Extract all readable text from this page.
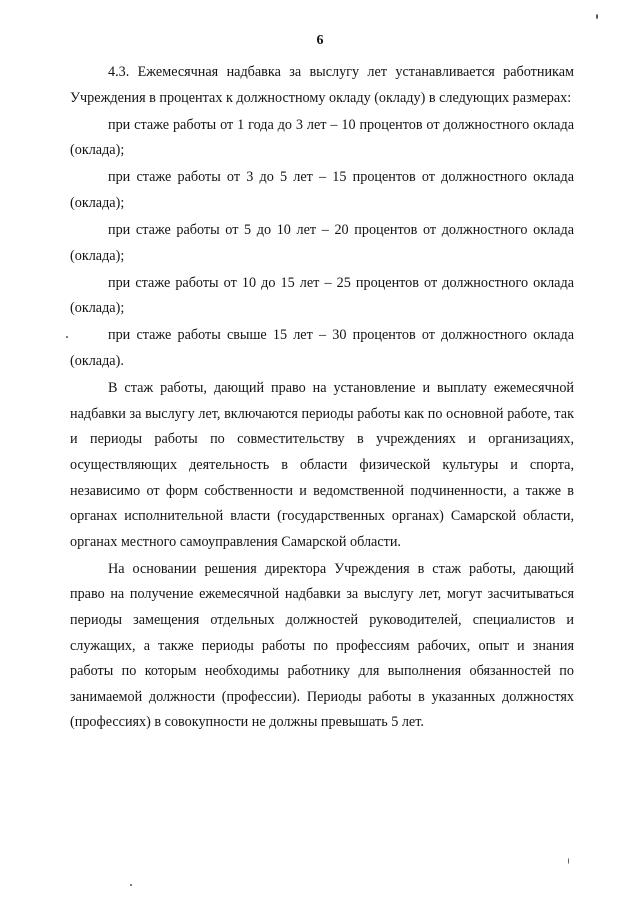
6

4.3. Ежемесячная надбавка за выслугу лет устанавливается работникам Учреждения в процентах к должностному окладу (окладу) в следующих размерах:

при стаже работы от 1 года до 3 лет – 10 процентов от должностного оклада (оклада);

при стаже работы от 3 до 5 лет – 15 процентов от должностного оклада (оклада);

при стаже работы от 5 до 10 лет – 20 процентов от должностного оклада (оклада);

при стаже работы от 10 до 15 лет – 25 процентов от должностного оклада (оклада);

при стаже работы свыше 15 лет – 30 процентов от должностного оклада (оклада).

В стаж работы, дающий право на установление и выплату ежемесячной надбавки за выслугу лет, включаются периоды работы как по основной работе, так и периоды работы по совместительству в учреждениях и организациях, осуществляющих деятельность в области физической культуры и спорта, независимо от форм собственности и ведомственной подчиненности, а также в органах исполнительной власти (государственных органах) Самарской области, органах местного самоуправления Самарской области.

На основании решения директора Учреждения в стаж работы, дающий право на получение ежемесячной надбавки за выслугу лет, могут засчитываться периоды замещения отдельных должностей руководителей, специалистов и служащих, а также периоды работы по профессиям рабочих, опыт и знания работы по которым необходимы работнику для выполнения обязанностей по занимаемой должности (профессии). Периоды работы в указанных должностях (профессиях) в совокупности не должны превышать 5 лет.
